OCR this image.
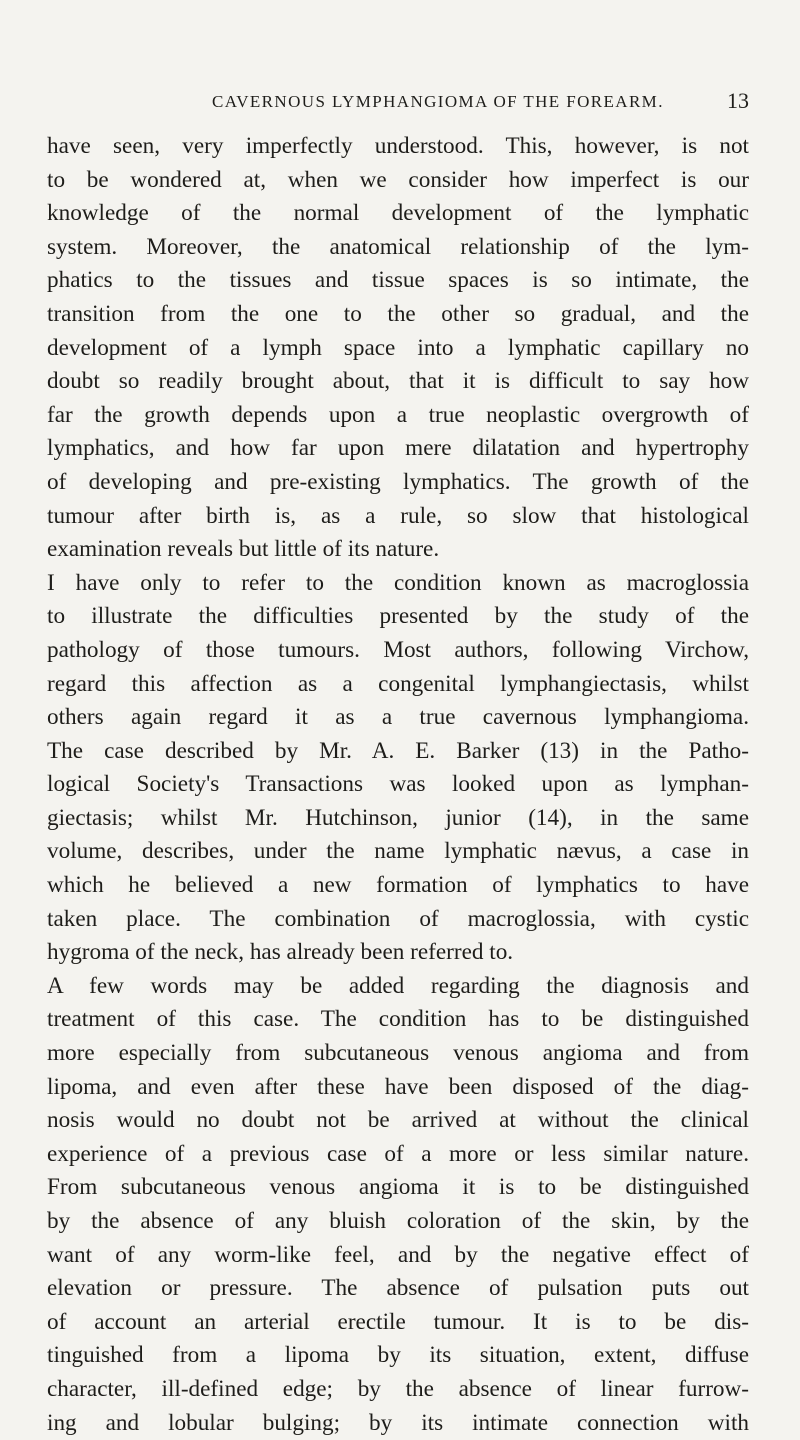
CAVERNOUS LYMPHANGIOMA OF THE FOREARM.	13
have seen, very imperfectly understood. This, however, is not
to be wondered at, when we consider how imperfect is our
knowledge of the normal development of the lymphatic
system. Moreover, the anatomical relationship of the lym-
phatics to the tissues and tissue spaces is so intimate, the
transition from the one to the other so gradual, and the
development of a lymph space into a lymphatic capillary no
doubt so readily brought about, that it is difficult to say how
far the growth depends upon a true neoplastic overgrowth of
lymphatics, and how far upon mere dilatation and hypertrophy
of developing and pre-existing lymphatics. The growth of the
tumour after birth is, as a rule, so slow that histological
examination reveals but little of its nature.
I have only to refer to the condition known as macroglossia
to illustrate the difficulties presented by the study of the
pathology of those tumours. Most authors, following Virchow,
regard this affection as a congenital lymphangiectasis, whilst
others again regard it as a true cavernous lymphangioma.
The case described by Mr. A. E. Barker (13) in the Patho-
logical Society's Transactions was looked upon as lymphan-
giectasis; whilst Mr. Hutchinson, junior (14), in the same
volume, describes, under the name lymphatic nævus, a case in
which he believed a new formation of lymphatics to have
taken place. The combination of macroglossia, with cystic
hygroma of the neck, has already been referred to.
A few words may be added regarding the diagnosis and
treatment of this case. The condition has to be distinguished
more especially from subcutaneous venous angioma and from
lipoma, and even after these have been disposed of the diag-
nosis would no doubt not be arrived at without the clinical
experience of a previous case of a more or less similar nature.
From subcutaneous venous angioma it is to be distinguished
by the absence of any bluish coloration of the skin, by the
want of any worm-like feel, and by the negative effect of
elevation or pressure. The absence of pulsation puts out
of account an arterial erectile tumour. It is to be dis-
tinguished from a lipoma by its situation, extent, diffuse
character, ill-defined edge; by the absence of linear furrow-
ing and lobular bulging; by its intimate connection with
